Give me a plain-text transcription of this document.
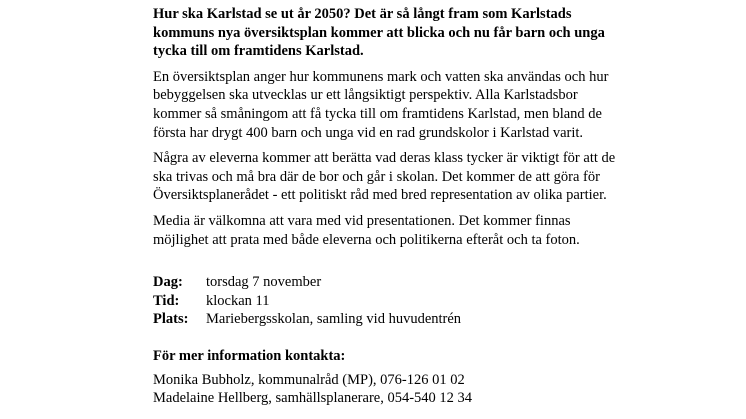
Hur ska Karlstad se ut år 2050? Det är så långt fram som Karlstads kommuns nya översiktsplan kommer att blicka och nu får barn och unga tycka till om framtidens Karlstad.

En översiktsplan anger hur kommunens mark och vatten ska användas och hur bebyggelsen ska utvecklas ur ett långsiktigt perspektiv. Alla Karlstadsbor kommer så småningom att få tycka till om framtidens Karlstad, men bland de första har drygt 400 barn och unga vid en rad grundskolor i Karlstad varit.

Några av eleverna kommer att berätta vad deras klass tycker är viktigt för att de ska trivas och må bra där de bor och går i skolan. Det kommer de att göra för Översiktsplanerådet - ett politiskt råd med bred representation av olika partier.

Media är välkomna att vara med vid presentationen. Det kommer finnas möjlighet att prata med både eleverna och politikerna efteråt och ta foton.

Dag:	torsdag 7 november
Tid:	klockan 11
Plats:	Mariebergsskolan, samling vid huvudentrén
För mer information kontakta:
Monika Bubholz, kommunalråd (MP), 076-126 01 02
Madelaine Hellberg, samhällsplanerare, 054-540 12 34
